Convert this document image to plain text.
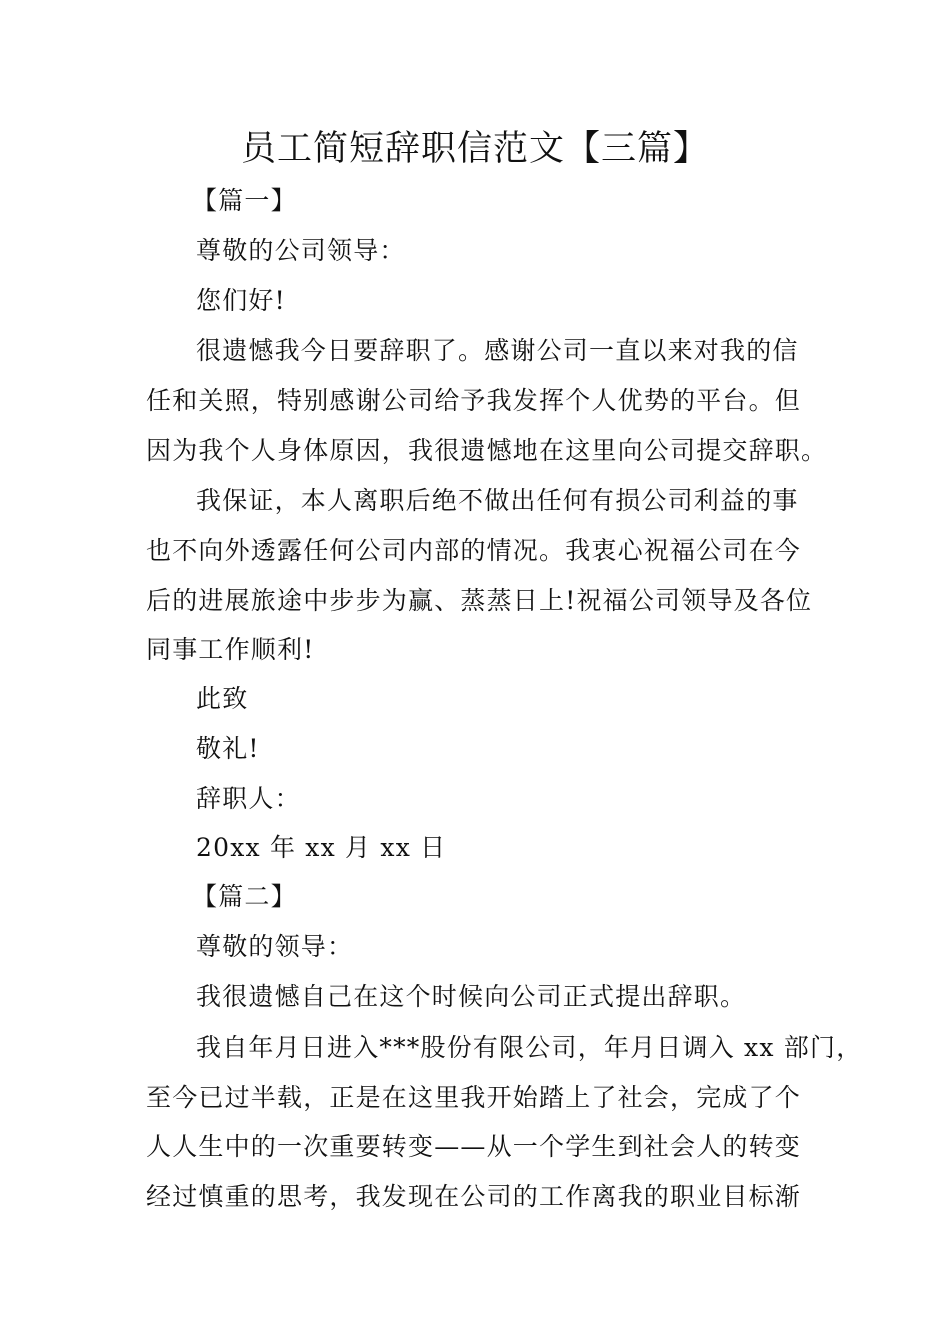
员工简短辞职信范文【三篇】
【篇一】
尊敬的公司领导：
您们好!
很遗憾我今日要辞职了。感谢公司一直以来对我的信
任和关照，特别感谢公司给予我发挥个人优势的平台。但
因为我个人身体原因，我很遗憾地在这里向公司提交辞职。
我保证，本人离职后绝不做出任何有损公司利益的事
也不向外透露任何公司内部的情况。我衷心祝福公司在今
后的进展旅途中步步为赢、蒸蒸日上!祝福公司领导及各位
同事工作顺利!
此致
敬礼!
辞职人：
20xx 年 xx 月 xx 日
【篇二】
尊敬的领导：
我很遗憾自己在这个时候向公司正式提出辞职。
我自年月日进入***股份有限公司，年月日调入 xx 部门，
至今已过半载，正是在这里我开始踏上了社会，完成了个
人人生中的一次重要转变——从一个学生到社会人的转变
经过慎重的思考，我发现在公司的工作离我的职业目标渐
